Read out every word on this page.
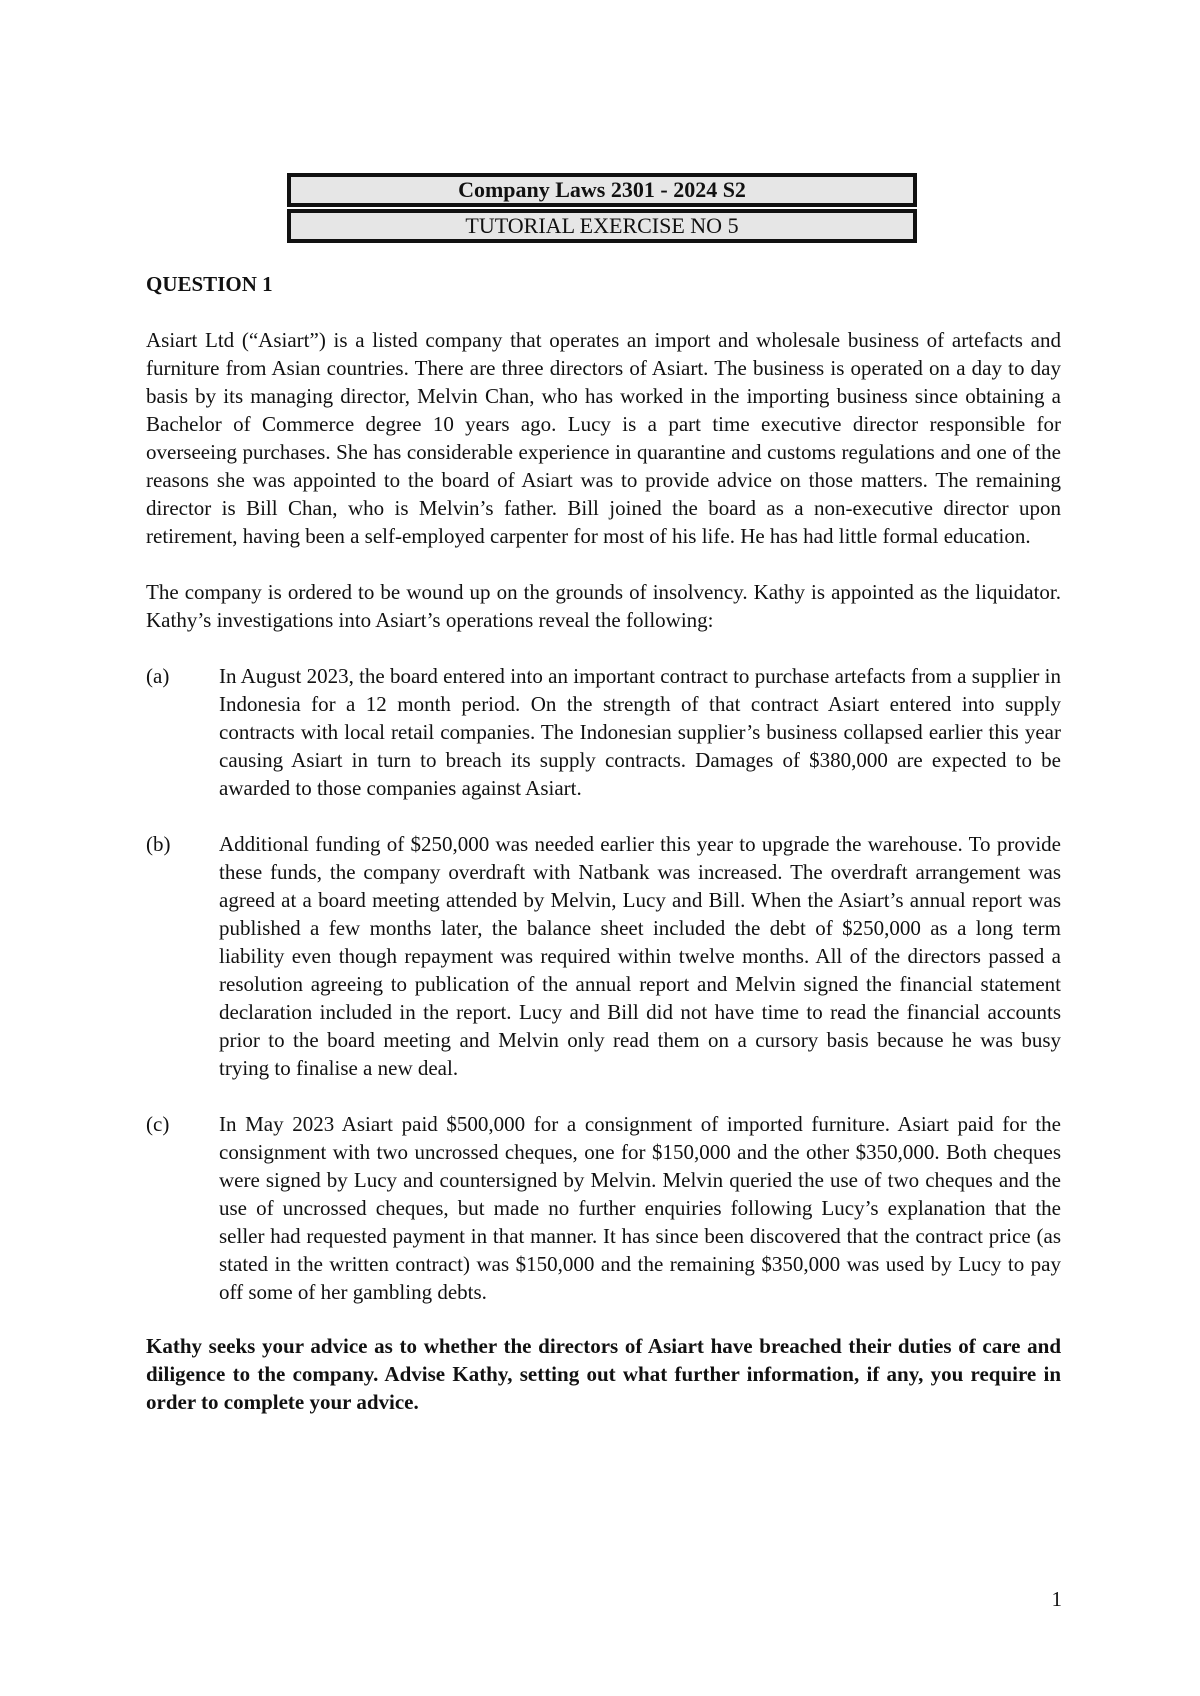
Company Laws 2301 - 2024 S2
TUTORIAL EXERCISE NO 5

QUESTION 1

Asiart Ltd (“Asiart”) is a listed company that operates an import and wholesale business of artefacts and furniture from Asian countries. There are three directors of Asiart. The business is operated on a day to day basis by its managing director, Melvin Chan, who has worked in the importing business since obtaining a Bachelor of Commerce degree 10 years ago. Lucy is a part time executive director responsible for overseeing purchases. She has considerable experience in quarantine and customs regulations and one of the reasons she was appointed to the board of Asiart was to provide advice on those matters. The remaining director is Bill Chan, who is Melvin’s father. Bill joined the board as a non-executive director upon retirement, having been a self-employed carpenter for most of his life. He has had little formal education.

The company is ordered to be wound up on the grounds of insolvency. Kathy is appointed as the liquidator. Kathy’s investigations into Asiart’s operations reveal the following:

(a)	In August 2023, the board entered into an important contract to purchase artefacts from a supplier in Indonesia for a 12 month period. On the strength of that contract Asiart entered into supply contracts with local retail companies. The Indonesian supplier’s business collapsed earlier this year causing Asiart in turn to breach its supply contracts. Damages of $380,000 are expected to be awarded to those companies against Asiart.

(b)	Additional funding of $250,000 was needed earlier this year to upgrade the warehouse. To provide these funds, the company overdraft with Natbank was increased. The overdraft arrangement was agreed at a board meeting attended by Melvin, Lucy and Bill. When the Asiart’s annual report was published a few months later, the balance sheet included the debt of $250,000 as a long term liability even though repayment was required within twelve months. All of the directors passed a resolution agreeing to publication of the annual report and Melvin signed the financial statement declaration included in the report. Lucy and Bill did not have time to read the financial accounts prior to the board meeting and Melvin only read them on a cursory basis because he was busy trying to finalise a new deal.

(c)	In May 2023 Asiart paid $500,000 for a consignment of imported furniture. Asiart paid for the consignment with two uncrossed cheques, one for $150,000 and the other $350,000. Both cheques were signed by Lucy and countersigned by Melvin. Melvin queried the use of two cheques and the use of uncrossed cheques, but made no further enquiries following Lucy’s explanation that the seller had requested payment in that manner. It has since been discovered that the contract price (as stated in the written contract) was $150,000 and the remaining $350,000 was used by Lucy to pay off some of her gambling debts.

Kathy seeks your advice as to whether the directors of Asiart have breached their duties of care and diligence to the company. Advise Kathy, setting out what further information, if any, you require in order to complete your advice.

1
